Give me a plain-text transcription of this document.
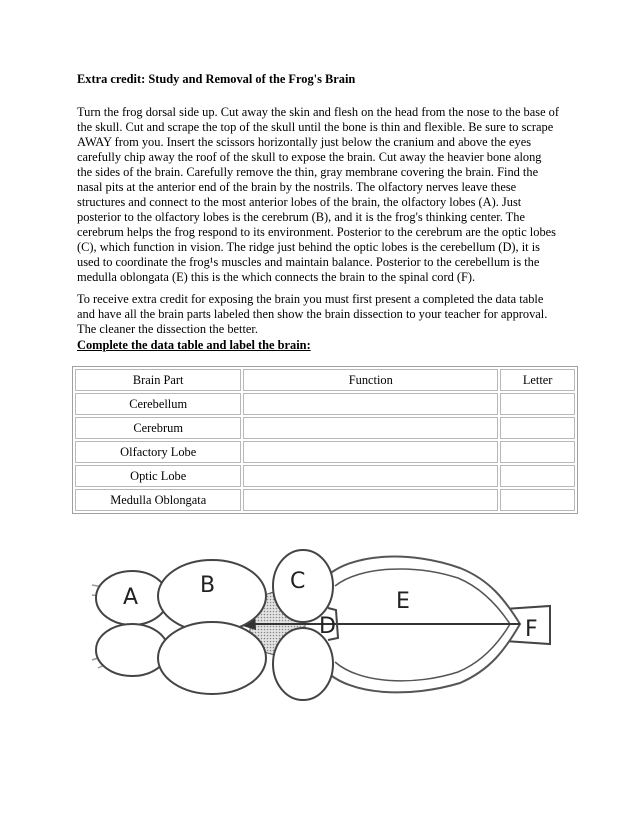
Extra credit: Study and Removal of the Frog's Brain
Turn the frog dorsal side up. Cut away the skin and flesh on the head from the nose to the base of
the skull. Cut and scrape the top of the skull until the bone is thin and flexible. Be sure to scrape
AWAY from you. Insert the scissors horizontally just below the cranium and above the eyes
carefully chip away the roof of the skull to expose the brain. Cut away the heavier bone along
the sides of the brain. Carefully remove the thin, gray membrane covering the brain. Find the
nasal pits at the anterior end of the brain by the nostrils. The olfactory nerves leave these
structures and connect to the most anterior lobes of the brain, the olfactory lobes (A). Just
posterior to the olfactory lobes is the cerebrum (B), and it is the frog's thinking center. The
cerebrum helps the frog respond to its environment. Posterior to the cerebrum are the optic lobes
(C), which function in vision. The ridge just behind the optic lobes is the cerebellum (D), it is
used to coordinate the frog¹s muscles and maintain balance. Posterior to the cerebellum is the
medulla oblongata (E) this is the which connects the brain to the spinal cord (F).
To receive extra credit for exposing the brain you must first present a completed the data table
and have all the brain parts labeled then show the brain dissection to your teacher for approval.
The cleaner the dissection the better.
Complete the data table and label the brain:
Brain Part	Function	Letter
Cerebellum		
Cerebrum		
Olfactory Lobe		
Optic Lobe		
Medulla Oblongata		
A	B	C
D
E
F
